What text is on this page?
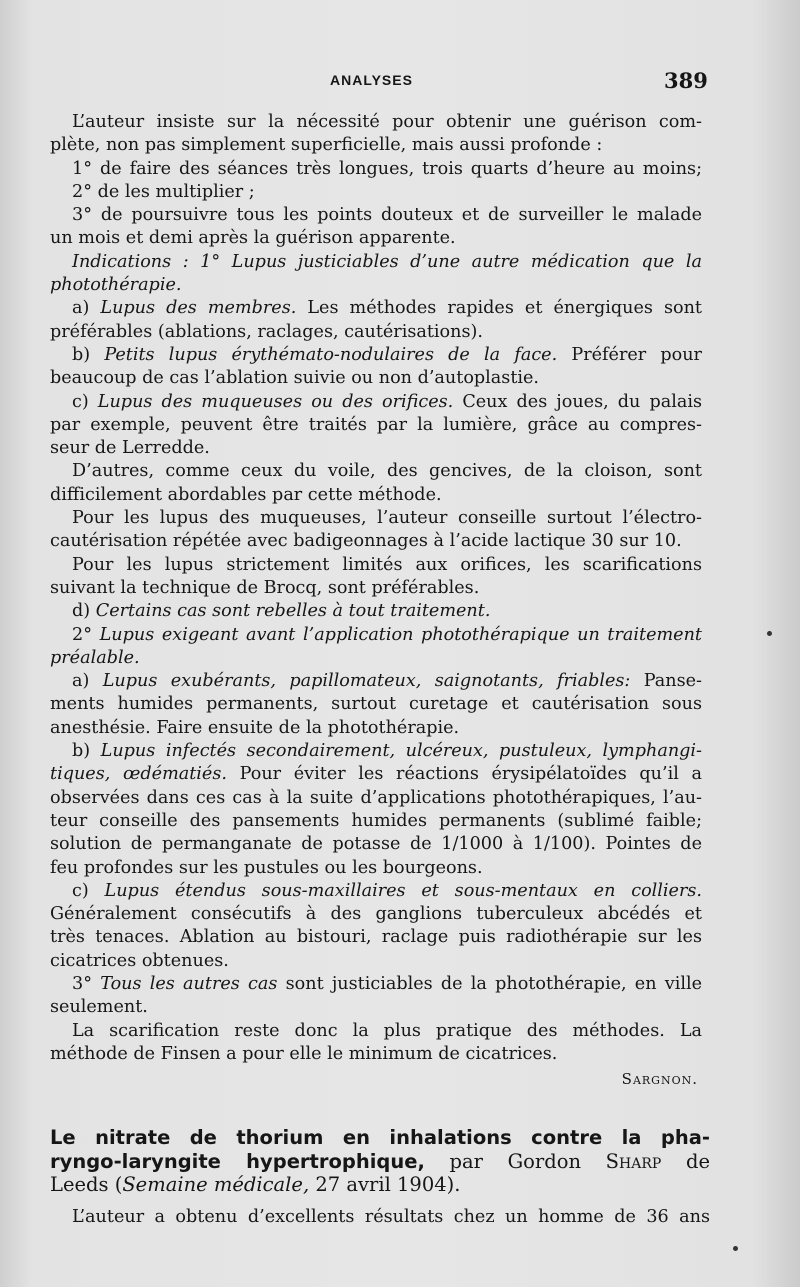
ANALYSES	389
L’auteur insiste sur la nécessité pour obtenir une guérison com-
plète, non pas simplement superficielle, mais aussi profonde :
1° de faire des séances très longues, trois quarts d’heure au moins;
2° de les multiplier ;
3° de poursuivre tous les points douteux et de surveiller le malade
un mois et demi après la guérison apparente.
Indications : 1° Lupus justiciables d’une autre médication que la
photothérapie.
a) Lupus des membres. Les méthodes rapides et énergiques sont
préférables (ablations, raclages, cautérisations).
b) Petits lupus érythémato-nodulaires de la face. Préférer pour
beaucoup de cas l’ablation suivie ou non d’autoplastie.
c) Lupus des muqueuses ou des orifices. Ceux des joues, du palais
par exemple, peuvent être traités par la lumière, grâce au compres-
seur de Lerredde.
D’autres, comme ceux du voile, des gencives, de la cloison, sont
difficilement abordables par cette méthode.
Pour les lupus des muqueuses, l’auteur conseille surtout l’électro-
cautérisation répétée avec badigeonnages à l’acide lactique 30 sur 10.
Pour les lupus strictement limités aux orifices, les scarifications
suivant la technique de Brocq, sont préférables.
d) Certains cas sont rebelles à tout traitement.
2° Lupus exigeant avant l’application photothérapique un traitement
préalable.
a) Lupus exubérants, papillomateux, saignotants, friables: Panse-
ments humides permanents, surtout curetage et cautérisation sous
anesthésie. Faire ensuite de la photothérapie.
b) Lupus infectés secondairement, ulcéreux, pustuleux, lymphangi-
tiques, œdématiés. Pour éviter les réactions érysipélatoïdes qu’il a
observées dans ces cas à la suite d’applications photothérapiques, l’au-
teur conseille des pansements humides permanents (sublimé faible;
solution de permanganate de potasse de 1/1000 à 1/100). Pointes de
feu profondes sur les pustules ou les bourgeons.
c) Lupus étendus sous-maxillaires et sous-mentaux en colliers.
Généralement consécutifs à des ganglions tuberculeux abcédés et
très tenaces. Ablation au bistouri, raclage puis radiothérapie sur les
cicatrices obtenues.
3° Tous les autres cas sont justiciables de la photothérapie, en ville
seulement.
La scarification reste donc la plus pratique des méthodes. La
méthode de Finsen a pour elle le minimum de cicatrices.
Sargnon.
Le nitrate de thorium en inhalations contre la pha-
ryngo-laryngite hypertrophique, par Gordon Sharp de
Leeds (Semaine médicale, 27 avril 1904).
L’auteur a obtenu d’excellents résultats chez un homme de 36 ans
